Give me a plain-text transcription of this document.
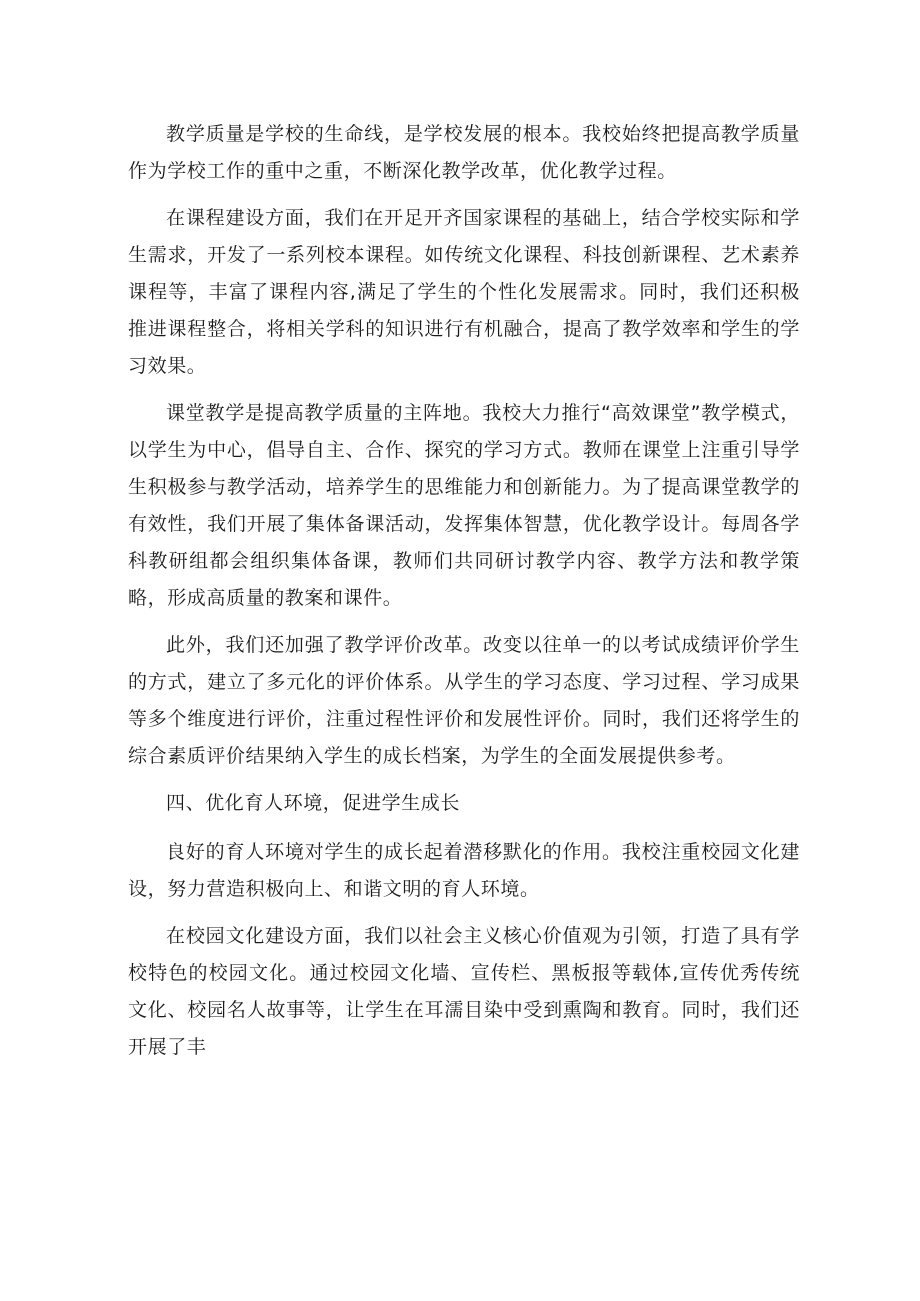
教学质量是学校的生命线，是学校发展的根本。我校始终把提高教学质量作为学校工作的重中之重，不断深化教学改革，优化教学过程。

在课程建设方面，我们在开足开齐国家课程的基础上，结合学校实际和学生需求，开发了一系列校本课程。如传统文化课程、科技创新课程、艺术素养课程等，丰富了课程内容,满足了学生的个性化发展需求。同时，我们还积极推进课程整合，将相关学科的知识进行有机融合，提高了教学效率和学生的学习效果。

课堂教学是提高教学质量的主阵地。我校大力推行“高效课堂”教学模式，以学生为中心，倡导自主、合作、探究的学习方式。教师在课堂上注重引导学生积极参与教学活动，培养学生的思维能力和创新能力。为了提高课堂教学的有效性，我们开展了集体备课活动，发挥集体智慧，优化教学设计。每周各学科教研组都会组织集体备课，教师们共同研讨教学内容、教学方法和教学策略，形成高质量的教案和课件。

此外，我们还加强了教学评价改革。改变以往单一的以考试成绩评价学生的方式，建立了多元化的评价体系。从学生的学习态度、学习过程、学习成果等多个维度进行评价，注重过程性评价和发展性评价。同时，我们还将学生的综合素质评价结果纳入学生的成长档案，为学生的全面发展提供参考。

四、优化育人环境，促进学生成长

良好的育人环境对学生的成长起着潜移默化的作用。我校注重校园文化建设，努力营造积极向上、和谐文明的育人环境。

在校园文化建设方面，我们以社会主义核心价值观为引领，打造了具有学校特色的校园文化。通过校园文化墙、宣传栏、黑板报等载体,宣传优秀传统文化、校园名人故事等，让学生在耳濡目染中受到熏陶和教育。同时，我们还开展了丰
